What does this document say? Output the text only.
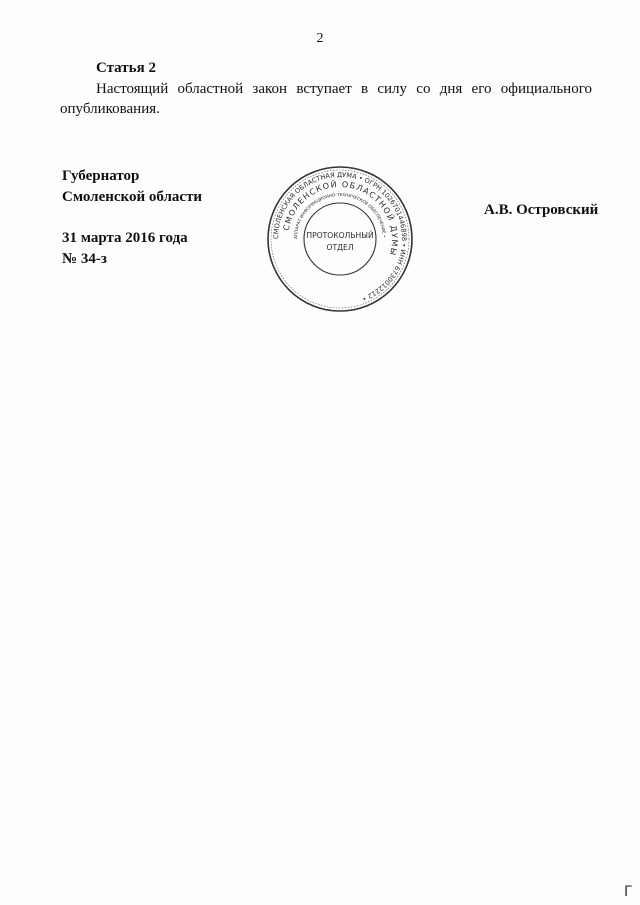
2
Статья 2
Настоящий областной закон вступает в силу со дня его официального опубликования.
Губернатор
Смоленской области
31 марта 2016 года
№ 34-з
СМОЛЕНСКАЯ ОБЛАСТНАЯ ДУМА • ОГРН 1026701446898 • ИНН 6730012212 •
СМОЛЕНСКОЙ ОБЛАСТНОЙ ДУМЫ
АППАРАТ ИНФОРМАЦИОННО-ТЕХНИЧЕСКОЕ ОБЕСПЕЧЕНИЕ •
ПРОТОКОЛЬНЫЙ
ОТДЕЛ
А.В. Островский
Г
